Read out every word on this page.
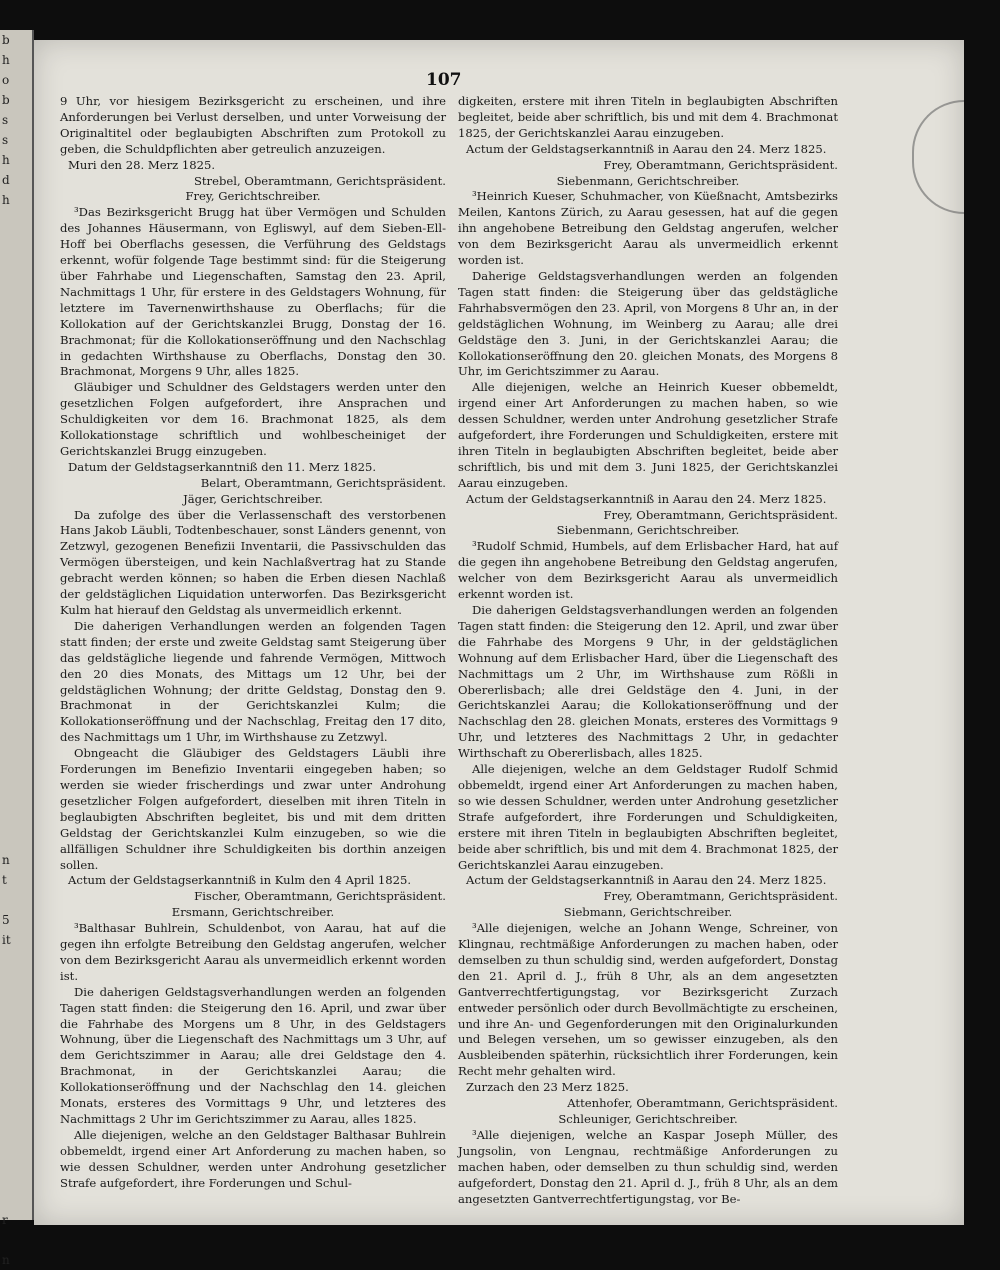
b
h
o
b
s
s
h
d
h

n
t

5
it

r

n
107

9 Uhr, vor hiesigem Bezirksgericht zu erscheinen, und ihre Anforderungen bei Verlust derselben, und unter Vorweisung der Originaltitel oder beglaubigten Abschriften zum Protokoll zu geben, die Schuldpflichten aber getreulich anzuzeigen.

Muri den 28. Merz 1825.

Strebel, Oberamtmann, Gerichtspräsident.

Frey, Gerichtschreiber.

³Das Bezirksgericht Brugg hat über Vermögen und Schulden des Johannes Häusermann, von Egliswyl, auf dem Sieben-Ell-Hoff bei Oberflachs gesessen, die Verführung des Geldstags erkennt, wofür folgende Tage bestimmt sind: für die Steigerung über Fahrhabe und Liegenschaften, Samstag den 23. April, Nachmittags 1 Uhr, für erstere in des Geldstagers Wohnung, für letztere im Tavernenwirthshause zu Oberflachs; für die Kollokation auf der Gerichtskanzlei Brugg, Donstag der 16. Brachmonat; für die Kollokationseröffnung und den Nachschlag in gedachten Wirthshause zu Oberflachs, Donstag den 30. Brachmonat, Morgens 9 Uhr, alles 1825.

Gläubiger und Schuldner des Geldstagers werden unter den gesetzlichen Folgen aufgefordert, ihre Ansprachen und Schuldigkeiten vor dem 16. Brachmonat 1825, als dem Kollokationstage schriftlich und wohlbescheiniget der Gerichtskanzlei Brugg einzugeben.

Datum der Geldstagserkanntniß den 11. Merz 1825.

Belart, Oberamtmann, Gerichtspräsident.

Jäger, Gerichtschreiber.

Da zufolge des über die Verlassenschaft des verstorbenen Hans Jakob Läubli, Todtenbeschauer, sonst Länders genennt, von Zetzwyl, gezogenen Benefizii Inventarii, die Passivschulden das Vermögen übersteigen, und kein Nachlaßvertrag hat zu Stande gebracht werden können; so haben die Erben diesen Nachlaß der geldstäglichen Liquidation unterworfen. Das Bezirksgericht Kulm hat hierauf den Geldstag als unvermeidlich erkennt.

Die daherigen Verhandlungen werden an folgenden Tagen statt finden; der erste und zweite Geldstag samt Steigerung über das geldstägliche liegende und fahrende Vermögen, Mittwoch den 20 dies Monats, des Mittags um 12 Uhr, bei der geldstäglichen Wohnung; der dritte Geldstag, Donstag den 9. Brachmonat in der Gerichtskanzlei Kulm; die Kollokationseröffnung und der Nachschlag, Freitag den 17 dito, des Nachmittags um 1 Uhr, im Wirthshause zu Zetzwyl.

Obngeacht die Gläubiger des Geldstagers Läubli ihre Forderungen im Benefizio Inventarii eingegeben haben; so werden sie wieder frischerdings und zwar unter Androhung gesetzlicher Folgen aufgefordert, dieselben mit ihren Titeln in beglaubigten Abschriften begleitet, bis und mit dem dritten Geldstag der Gerichtskanzlei Kulm einzugeben, so wie die allfälligen Schuldner ihre Schuldigkeiten bis dorthin anzeigen sollen.

Actum der Geldstagserkanntniß in Kulm den 4 April 1825.

Fischer, Oberamtmann, Gerichtspräsident.

Ersmann, Gerichtschreiber.

³Balthasar Buhlrein, Schuldenbot, von Aarau, hat auf die gegen ihn erfolgte Betreibung den Geldstag angerufen, welcher von dem Bezirksgericht Aarau als unvermeidlich erkennt worden ist.

Die daherigen Geldstagsverhandlungen werden an folgenden Tagen statt finden: die Steigerung den 16. April, und zwar über die Fahrhabe des Morgens um 8 Uhr, in des Geldstagers Wohnung, über die Liegenschaft des Nachmittags um 3 Uhr, auf dem Gerichtszimmer in Aarau; alle drei Geldstage den 4. Brachmonat, in der Gerichtskanzlei Aarau; die Kollokationseröffnung und der Nachschlag den 14. gleichen Monats, ersteres des Vormittags 9 Uhr, und letzteres des Nachmittags 2 Uhr im Gerichtszimmer zu Aarau, alles 1825.

Alle diejenigen, welche an den Geldstager Balthasar Buhlrein obbemeldt, irgend einer Art Anforderung zu machen haben, so wie dessen Schuldner, werden unter Androhung gesetzlicher Strafe aufgefordert, ihre Forderungen und Schul-

digkeiten, erstere mit ihren Titeln in beglaubigten Abschriften begleitet, beide aber schriftlich, bis und mit dem 4. Brachmonat 1825, der Gerichtskanzlei Aarau einzugeben.

Actum der Geldstagserkanntniß in Aarau den 24. Merz 1825.

Frey, Oberamtmann, Gerichtspräsident.

Siebenmann, Gerichtschreiber.

³Heinrich Kueser, Schuhmacher, von Küeßnacht, Amtsbezirks Meilen, Kantons Zürich, zu Aarau gesessen, hat auf die gegen ihn angehobene Betreibung den Geldstag angerufen, welcher von dem Bezirksgericht Aarau als unvermeidlich erkennt worden ist.

Daherige Geldstagsverhandlungen werden an folgenden Tagen statt finden: die Steigerung über das geldstägliche Fahrhabsvermögen den 23. April, von Morgens 8 Uhr an, in der geldstäglichen Wohnung, im Weinberg zu Aarau; alle drei Geldstäge den 3. Juni, in der Gerichtskanzlei Aarau; die Kollokationseröffnung den 20. gleichen Monats, des Morgens 8 Uhr, im Gerichtszimmer zu Aarau.

Alle diejenigen, welche an Heinrich Kueser obbemeldt, irgend einer Art Anforderungen zu machen haben, so wie dessen Schuldner, werden unter Androhung gesetzlicher Strafe aufgefordert, ihre Forderungen und Schuldigkeiten, erstere mit ihren Titeln in beglaubigten Abschriften begleitet, beide aber schriftlich, bis und mit dem 3. Juni 1825, der Gerichtskanzlei Aarau einzugeben.

Actum der Geldstagserkanntniß in Aarau den 24. Merz 1825.

Frey, Oberamtmann, Gerichtspräsident.

Siebenmann, Gerichtschreiber.

³Rudolf Schmid, Humbels, auf dem Erlisbacher Hard, hat auf die gegen ihn angehobene Betreibung den Geldstag angerufen, welcher von dem Bezirksgericht Aarau als unvermeidlich erkennt worden ist.

Die daherigen Geldstagsverhandlungen werden an folgenden Tagen statt finden: die Steigerung den 12. April, und zwar über die Fahrhabe des Morgens 9 Uhr, in der geldstäglichen Wohnung auf dem Erlisbacher Hard, über die Liegenschaft des Nachmittags um 2 Uhr, im Wirthshause zum Rößli in Obererlisbach; alle drei Geldstäge den 4. Juni, in der Gerichtskanzlei Aarau; die Kollokationseröffnung und der Nachschlag den 28. gleichen Monats, ersteres des Vormittags 9 Uhr, und letzteres des Nachmittags 2 Uhr, in gedachter Wirthschaft zu Obererlisbach, alles 1825.

Alle diejenigen, welche an dem Geldstager Rudolf Schmid obbemeldt, irgend einer Art Anforderungen zu machen haben, so wie dessen Schuldner, werden unter Androhung gesetzlicher Strafe aufgefordert, ihre Forderungen und Schuldigkeiten, erstere mit ihren Titeln in beglaubigten Abschriften begleitet, beide aber schriftlich, bis und mit dem 4. Brachmonat 1825, der Gerichtskanzlei Aarau einzugeben.

Actum der Geldstagserkanntniß in Aarau den 24. Merz 1825.

Frey, Oberamtmann, Gerichtspräsident.

Siebmann, Gerichtschreiber.

³Alle diejenigen, welche an Johann Wenge, Schreiner, von Klingnau, rechtmäßige Anforderungen zu machen haben, oder demselben zu thun schuldig sind, werden aufgefordert, Donstag den 21. April d. J., früh 8 Uhr, als an dem angesetzten Gantverrechtfertigungstag, vor Bezirksgericht Zurzach entweder persönlich oder durch Bevollmächtigte zu erscheinen, und ihre An- und Gegenforderungen mit den Originalurkunden und Belegen versehen, um so gewisser einzugeben, als den Ausbleibenden späterhin, rücksichtlich ihrer Forderungen, kein Recht mehr gehalten wird.

Zurzach den 23 Merz 1825.

Attenhofer, Oberamtmann, Gerichtspräsident.

Schleuniger, Gerichtschreiber.

³Alle diejenigen, welche an Kaspar Joseph Müller, des Jungsolin, von Lengnau, rechtmäßige Anforderungen zu machen haben, oder demselben zu thun schuldig sind, werden aufgefordert, Donstag den 21. April d. J., früh 8 Uhr, als an dem angesetzten Gantverrechtfertigungstag, vor Be-
